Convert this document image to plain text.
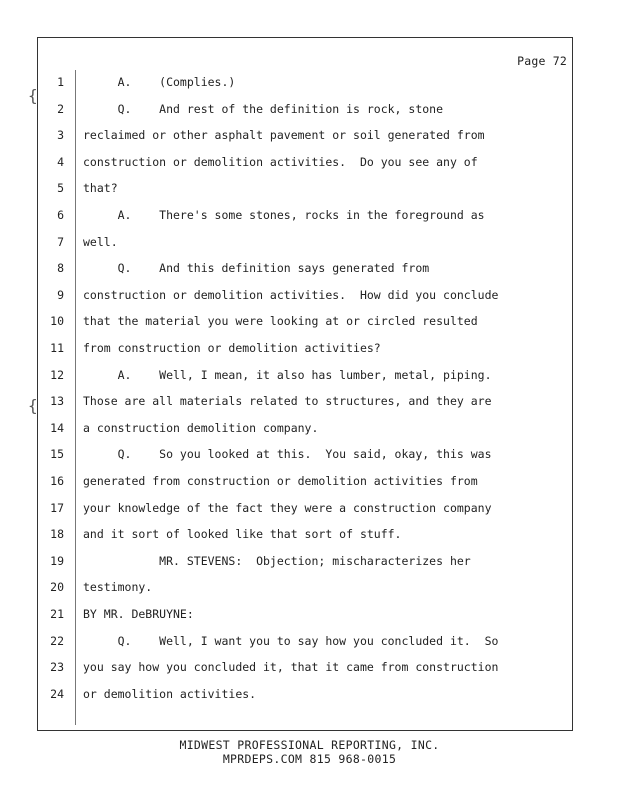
Page 72
1 A.    (Complies.)
2 Q.    And rest of the definition is rock, stone
3 reclaimed or other asphalt pavement or soil generated from
4 construction or demolition activities.  Do you see any of
5 that?
6 A.    There's some stones, rocks in the foreground as
7 well.
8 Q.    And this definition says generated from
9 construction or demolition activities.  How did you conclude
10 that the material you were looking at or circled resulted
11 from construction or demolition activities?
12 A.    Well, I mean, it also has lumber, metal, piping.
13 Those are all materials related to structures, and they are
14 a construction demolition company.
15 Q.    So you looked at this.  You said, okay, this was
16 generated from construction or demolition activities from
17 your knowledge of the fact they were a construction company
18 and it sort of looked like that sort of stuff.
19 MR. STEVENS:  Objection; mischaracterizes her
20 testimony.
21 BY MR. DeBRUYNE:
22 Q.    Well, I want you to say how you concluded it.  So
23 you say how you concluded it, that it came from construction
24 or demolition activities.
{
{
MIDWEST PROFESSIONAL REPORTING, INC.
MPRDEPS.COM 815 968-0015
